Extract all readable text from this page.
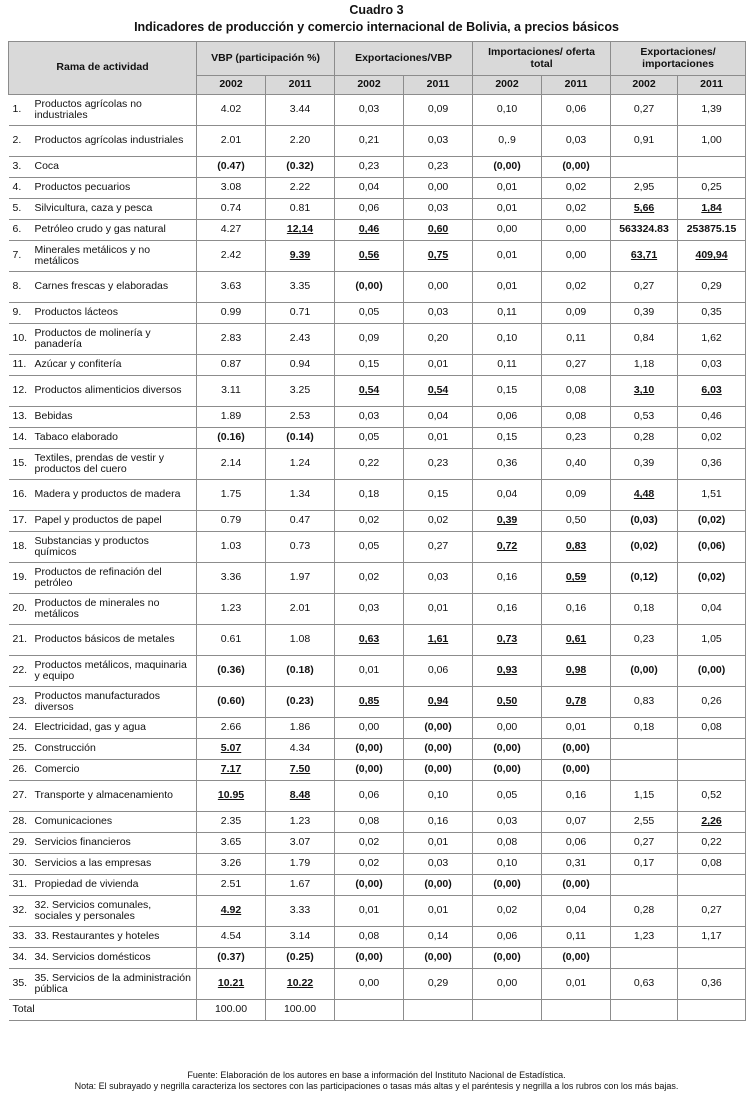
Cuadro 3
Indicadores de producción y comercio internacional de Bolivia, a precios básicos
Rama de actividad		VBP (participación %)		Exportaciones/VBP		Importaciones/ oferta total		Exportaciones/ importaciones	
		2002	2011	2002	2011	2002	2011	2002	2011
1.	Productos agrícolas no industriales	4.02	3.44	0,03	0,09	0,10	0,06	0,27	1,39
2.	Productos agrícolas industriales	2.01	2.20	0,21	0,03	0,.9	0,03	0,91	1,00
3.	Coca	(0.47)	(0.32)	0,23	0,23	(0,00)	(0,00)		
4.	Productos pecuarios	3.08	2.22	0,04	0,00	0,01	0,02	2,95	0,25
5.	Silvicultura, caza y pesca	0.74	0.81	0,06	0,03	0,01	0,02	5,66	1,84
6.	Petróleo crudo y gas natural	4.27	12,14	0,46	0,60	0,00	0,00	563324.83	253875.15
7.	Minerales metálicos y no metálicos	2.42	9.39	0,56	0,75	0,01	0,00	63,71	409,94
8.	Carnes frescas y elaboradas	3.63	3.35	(0,00)	0,00	0,01	0,02	0,27	0,29
9.	Productos lácteos	0.99	0.71	0,05	0,03	0,11	0,09	0,39	0,35
10.	Productos de molinería y panadería	2.83	2.43	0,09	0,20	0,10	0,11	0,84	1,62
11.	Azúcar y confitería	0.87	0.94	0,15	0,01	0,11	0,27	1,18	0,03
12.	Productos alimenticios diversos	3.11	3.25	0,54	0,54	0,15	0,08	3,10	6,03
13.	Bebidas	1.89	2.53	0,03	0,04	0,06	0,08	0,53	0,46
14.	Tabaco elaborado	(0.16)	(0.14)	0,05	0,01	0,15	0,23	0,28	0,02
15.	Textiles, prendas de vestir y productos del cuero	2.14	1.24	0,22	0,23	0,36	0,40	0,39	0,36
16.	Madera y productos de madera	1.75	1.34	0,18	0,15	0,04	0,09	4,48	1,51
17.	Papel y productos de papel	0.79	0.47	0,02	0,02	0,39	0,50	(0,03)	(0,02)
18.	Substancias y productos químicos	1.03	0.73	0,05	0,27	0,72	0,83	(0,02)	(0,06)
19.	Productos de refinación del petróleo	3.36	1.97	0,02	0,03	0,16	0,59	(0,12)	(0,02)
20.	Productos de minerales no metálicos	1.23	2.01	0,03	0,01	0,16	0,16	0,18	0,04
21.	Productos básicos de metales	0.61	1.08	0,63	1,61	0,73	0,61	0,23	1,05
22.	Productos metálicos, maquinaria y equipo	(0.36)	(0.18)	0,01	0,06	0,93	0,98	(0,00)	(0,00)
23.	Productos manufacturados diversos	(0.60)	(0.23)	0,85	0,94	0,50	0,78	0,83	0,26
24.	Electricidad, gas y agua	2.66	1.86	0,00	(0,00)	0,00	0,01	0,18	0,08
25.	Construcción	5.07	4.34	(0,00)	(0,00)	(0,00)	(0,00)		
26.	Comercio	7.17	7.50	(0,00)	(0,00)	(0,00)	(0,00)		
27.	Transporte y almacenamiento	10.95	8.48	0,06	0,10	0,05	0,16	1,15	0,52
28.	Comunicaciones	2.35	1.23	0,08	0,16	0,03	0,07	2,55	2,26
29.	Servicios financieros	3.65	3.07	0,02	0,01	0,08	0,06	0,27	0,22
30.	Servicios a las empresas	3.26	1.79	0,02	0,03	0,10	0,31	0,17	0,08
31.	Propiedad de vivienda	2.51	1.67	(0,00)	(0,00)	(0,00)	(0,00)		
32.	32. Servicios comunales, sociales y personales	4.92	3.33	0,01	0,01	0,02	0,04	0,28	0,27
33.	33. Restaurantes y hoteles	4.54	3.14	0,08	0,14	0,06	0,11	1,23	1,17
34.	34. Servicios domésticos	(0.37)	(0.25)	(0,00)	(0,00)	(0,00)	(0,00)		
35.	35. Servicios de la administración pública	10.21	10.22	0,00	0,29	0,00	0,01	0,63	0,36
Total		100.00	100.00						
Fuente: Elaboración de los autores en base a información del Instituto Nacional de Estadística.
Nota: El subrayado y negrilla caracteriza los sectores con las participaciones o tasas más altas y el paréntesis y negrilla a los rubros con los más bajas.
